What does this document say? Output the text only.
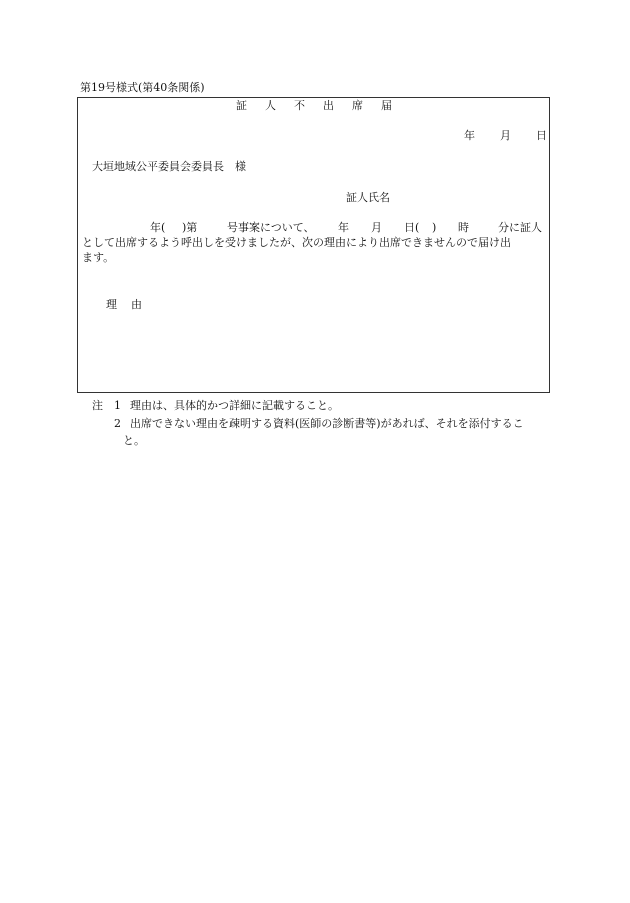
第19号様式(第40条関係)
証人不出席届
年 月 日
大垣地域公平委員会委員長　様
証人氏名
年( )第	号事案について、 年 月 日( ) 時	分に証人
として出席するよう呼出しを受けましたが、次の理由により出席できませんので届け出
ます。
理由
注 1 理由は、具体的かつ詳細に記載すること。
2 出席できない理由を疎明する資料(医師の診断書等)があれば、それを添付するこ
と。
